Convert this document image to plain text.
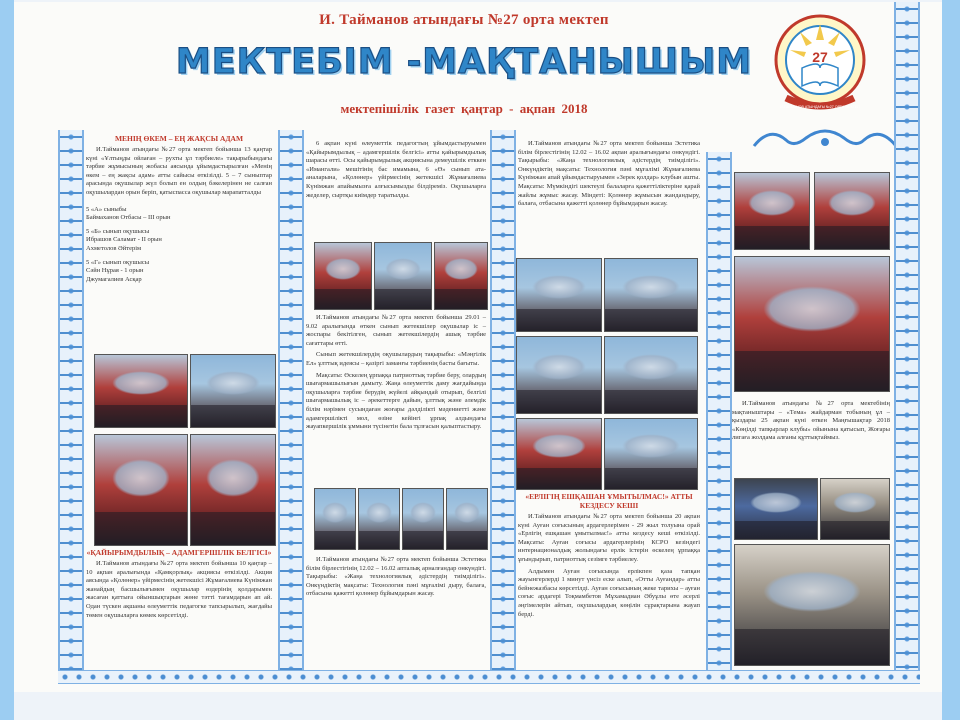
И. Тайманов атындағы №27 орта мектеп
МЕКТЕБІМ -МАҚТАНЫШЫМ
мектепішілік газет қаңтар - ақпан 2018
27
И.ТАЙМАНОВ АТЫНДАҒЫ №27 ОРТА МЕКТЕП

МЕНІҢ ӨКЕМ – ЕҢ ЖАҚСЫ АДАМ

И.Тайманов атындағы №27 орта мектеп бойынша 13 қаңтар күні «Ұлтыңды ойлаған – рухты ұл тәрбиеле» тақырыбындағы тәрбие жұмысының жобасы аясында ұйымдастырылған «Менің өкем – ең жақсы адам» атты сайысы өткізілді. 5 – 7 сыныптар арасында оқушылар жүл болып ен олдың бәкелерінен не салған оқушылардан орын беріп, қатыспасса оқушылар марапатталды

5 «А» сыныбы

Баймаханов Отбасы – III орын

5 «Б» сынып оқушысы

Ибрашов Саламат - II орын

Ахметолов Әйтерім

5 «Г» сынып оқушысы

Сәйн Нұрая - 1 орын

Джумагалиев Асқар

«ҚАЙЫРЫМДЫЛЫҚ – АДАМГЕРШІЛІК БЕЛГІСІ»

И.Тайманов атындағы №27 орта мектеп бойынша 10 қаңтар – 10 ақпан аралығында «Қамқорлық» акциясы өткізілді. Акция аясында «Қолөнер» үйірмесінің жетекшісі Жұмағалиева Күнімжан жанайдың басшылығымен оқушылар өздерінің қолдарымен жасаған қаттыға ойыншықтарын жөне тәтті тағамдарын ап ай. Одан түскен ақшаны өлеуметтік педагогке тапсырылып, жағдайы төмен оқушыларға көмек көрсетілді.

6 ақпан күні өлеуметтік педагогтың ұйымдастыруымен «Қайырымдылық – адамгершілік белгісі» атты қайырымдылық шарасы өтті. Осы қайырымдылық акциясына демеушілік етккен «Имангали» мешітінің бас имамына, 6 «Ө» сынып ата-аналарына, «Қолөнер» үйірмесінің жетекшісі Жұмағалиева Күнімжан апайымызға алғысымызды білдіреміз. Оқушыларға жеделер, сыртқы киімдер таратылды.

И.Тайманов атындағы №27 орта мектеп бойынша 29.01 – 9.02 аралығында өткен сынып жетекшілер оқушылар іс – жоспары бекітілген, сынып жетекшілердің ашық тәрбие сағаттары өтті.

Сынып жетекшілердің оқушылардың тақырыбы: «Мәңгілік Ел» ұлттық идеясы – қазіргі заманғы тәрбиенің басты бағыты.

Мақсаты: Өскелең ұрпаққа патриоттық тәрбие беру, олардың шығармашылығын дамыту. Жаңа өлеуметтік даму жағдайында оқушыларға тәрбие берудің жүйелі айқындай отырып, белгілі шығармашылық іс – әрекеттерге дайын, ұлттық және әлемдік білім нәрімен сусындаған жоғары дәлділікті мәдениетті және адамгершілікті мол, өзіне кейінгі ұрпақ алдындағы жауапкершілік ұммыни түсінетін бала тұлғасын қалыптастыру.

И.Тайманов атындағы №27 орта мектеп бойынша Эстетика білім бірлестігінің 12.02 – 16.02 апталық арналғандар онкүндігі. Тақырыбы: «Жаңа технологиялық әдістердің тиімділігі». Онкүндіктің мақсаты: Технология пәні мұғалімі дыру, балаға, отбасына қажетті қолөнер бұйымдарын жасау.

И.Тайманов атындағы №27 орта мектеп бойынша Эстетика білім бірлестігінің 12.02 – 16.02 ақпан аралығындағы онкүндігі. Тақырыбы: «Жаңа технологиялық әдістердің тиімділігі». Онкүндіктің мақсаты: Технология пәні мұғалімі Жұмағалиева Күнімжан апай ұйымдастыруымен «Зерек қолдар» клубын ашты. Мақсаты: Мүмкіндігі шектеулі балаларға қажеттіліктеріне қарай жайлы жұмыс жасау. Міндеті: Қолөнер жұмысын жандандыру, балаға, отбасына қажетті қолөнер бұйымдарын жасау.

«ЕРЛІГІҢ ЕШҚАШАН ҰМЫТЫЛМАС!» АТТЫ КЕЗДЕСУ КЕШІ

И.Тайманов атындағы №27 орта мектеп бойынша 20 ақпан күні Ауған соғысының ардагерлерімен - 29 жыл толуына орай «Ерлігің ешқашан ұмытылмас!» атты кездесу кеші өткізілді. Мақсаты: Ауған соғысы ардагерлерінің КСРО кезіндегі интернационалдық жолындағы ерлік істерін өскелең ұрпаққа ұғындырып, патриоттық сезімге тәрбиелеу.

Алдымен Ауған соғысында ерлікпен қаза тапқан жауынгерлерді 1 минут үнсіз еске алып, «Отты Ауғандар» атты бейнежазбасы көрсетілді. Ауған соғысының жеке тарихы – ауған соғыс ардагері Тоқмамбетов Мұхамадиан Әбуұлы өте әсерлі әңгімелерін айтып, оқушылардың көңілін сұрақтарына жауап берді.

И.Тайманов атындағы №27 орта мектебінің мақтаныштары – «Тема» жайдарман тобының ұл – қыздары 25 ақпан күні өткен Маңғышақтар 2018 «Көңілді тапқырлар клубы» ойынына қатысып, Жоғары лигаға жолдама алғаны құттықтаймыз.
